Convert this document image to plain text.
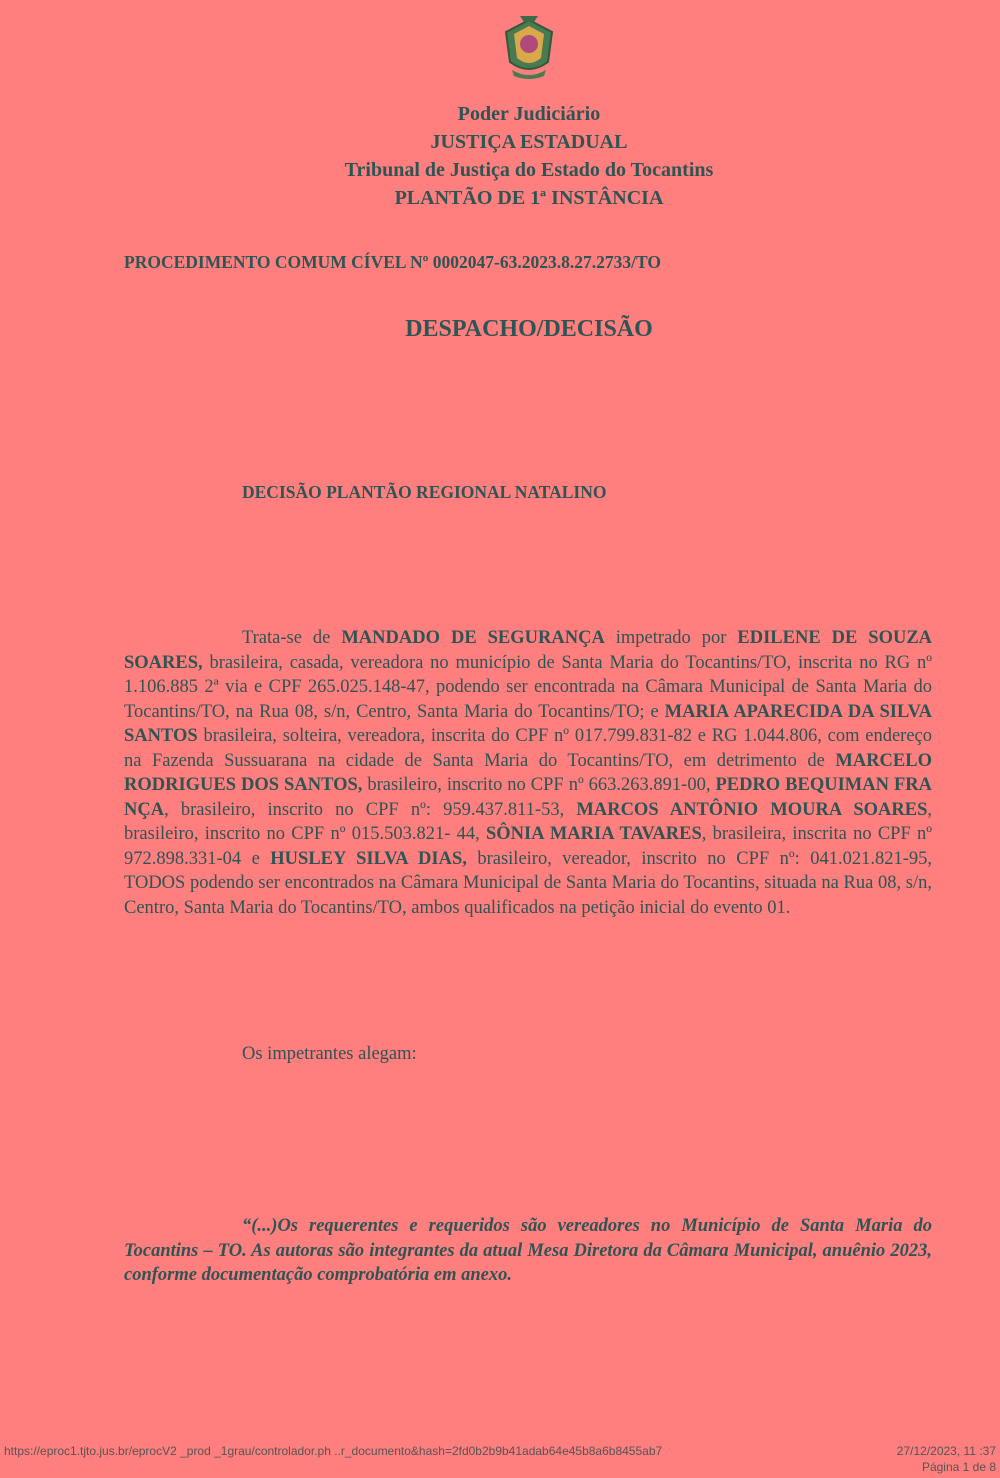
Poder Judiciário
JUSTIÇA ESTADUAL
Tribunal de Justiça do Estado do Tocantins
PLANTÃO DE 1ª INSTÂNCIA
PROCEDIMENTO COMUM CÍVEL Nº 0002047-63.2023.8.27.2733/TO
DESPACHO/DECISÃO
DECISÃO PLANTÃO REGIONAL NATALINO
Trata-se de MANDADO DE SEGURANÇA impetrado por EDILENE DE SOUZA SOARES, brasileira, casada, vereadora no município de Santa Maria do Tocantins/TO, inscrita no RG nº 1.106.885 2ª via e CPF 265.025.148-47, podendo ser encontrada na Câmara Municipal de Santa Maria do Tocantins/TO, na Rua 08, s/n, Centro, Santa Maria do Tocantins/TO; e MARIA APARECIDA DA SILVA SANTOS brasileira, solteira, vereadora, inscrita do CPF nº 017.799.831-82 e RG 1.044.806, com endereço na Fazenda Sussuarana na cidade de Santa Maria do Tocantins/TO, em detrimento de MARCELO RODRIGUES DOS SANTOS, brasileiro, inscrito no CPF nº 663.263.891-00, PEDRO BEQUIMAN FRA NÇA, brasileiro, inscrito no CPF nº: 959.437.811-53, MARCOS ANTÔNIO MOURA SOARES, brasileiro, inscrito no CPF nº 015.503.821- 44, SÔNIA MARIA TAVARES, brasileira, inscrita no CPF nº 972.898.331-04 e HUSLEY SILVA DIAS, brasileiro, vereador, inscrito no CPF nº: 041.021.821-95, TODOS podendo ser encontrados na Câmara Municipal de Santa Maria do Tocantins, situada na Rua 08, s/n, Centro, Santa Maria do Tocantins/TO, ambos qualificados na petição inicial do evento 01.
Os impetrantes alegam:
“(...)Os requerentes e requeridos são vereadores no Município de Santa Maria do Tocantins – TO. As autoras são integrantes da atual Mesa Diretora da Câmara Municipal, anuênio 2023, conforme documentação comprobatória em anexo.
https://eproc1.tjto.jus.br/eprocV2 _prod _1grau/controlador.ph ..r_documento&hash=2fd0b2b9b41adab64e45b8a6b8455ab7	27/12/2023, 11 :37
Página 1 de 8
